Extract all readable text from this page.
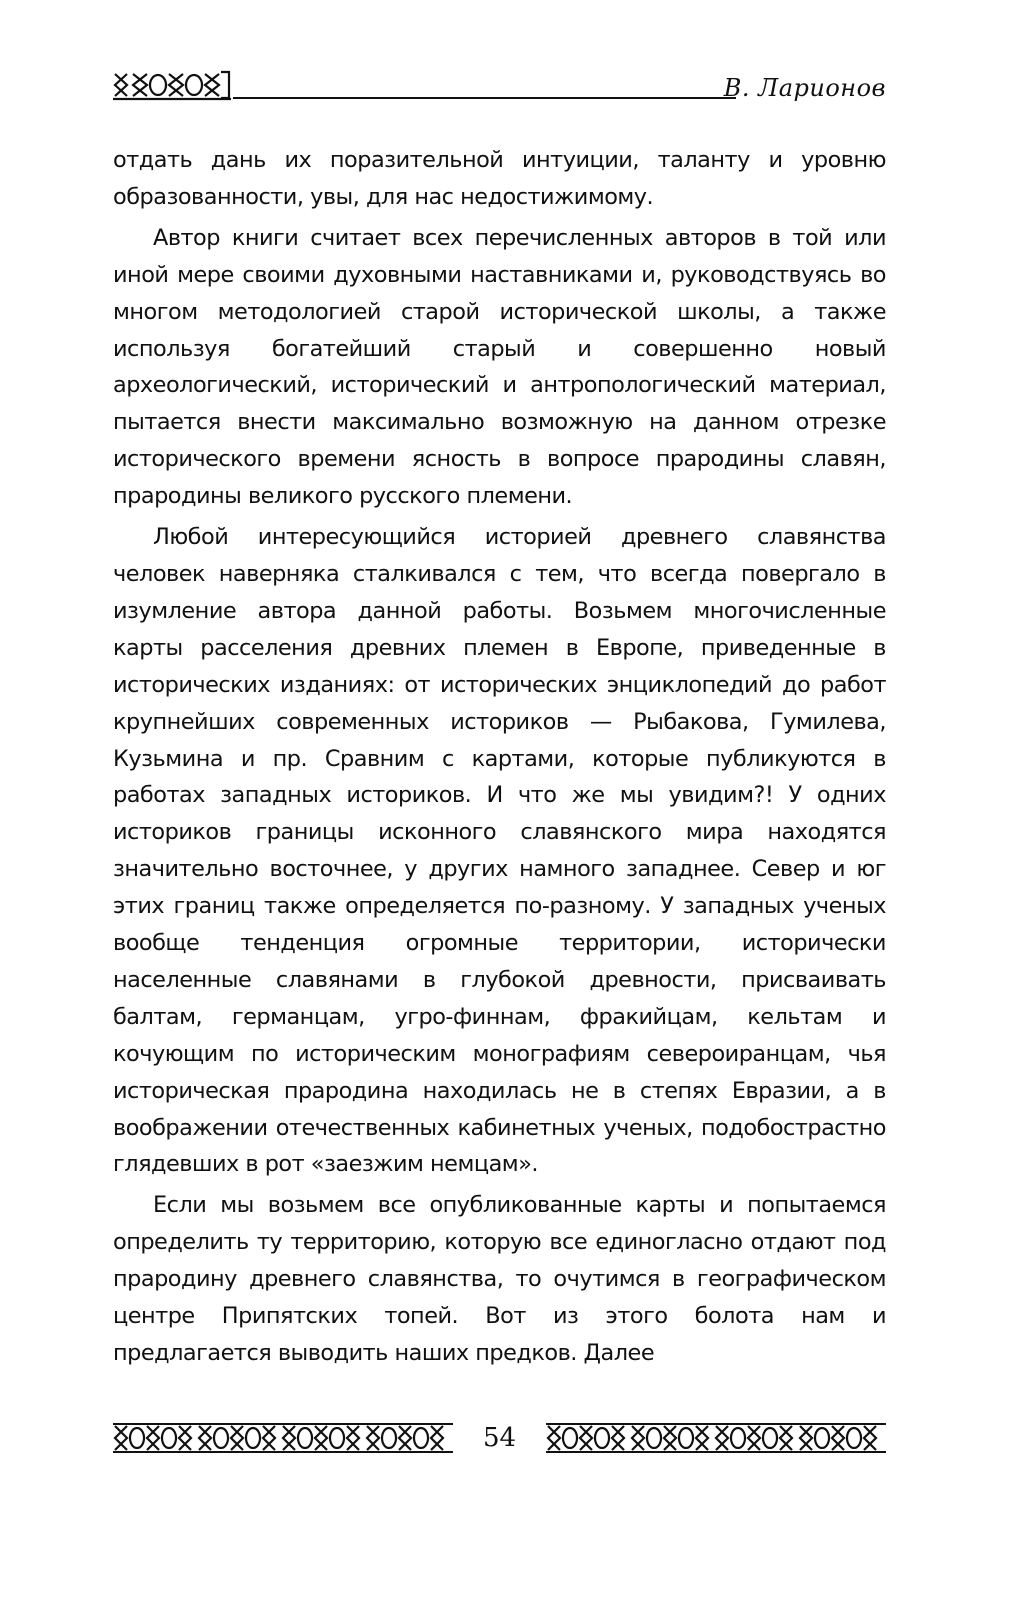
В. Ларионов

отдать дань их поразительной интуиции, таланту и уровню образованности, увы, для нас недостижимому.

Автор книги считает всех перечисленных авторов в той или иной мере своими духовными наставниками и, руководствуясь во многом методологией старой исторической школы, а также используя богатейший старый и совершенно новый археологический, исторический и антропологический материал, пытается внести максимально возможную на данном отрезке исторического времени ясность в вопросе прародины славян, прародины великого русского племени.

Любой интересующийся историей древнего славянства человек наверняка сталкивался с тем, что всегда повергало в изумление автора данной работы. Возьмем многочисленные карты расселения древних племен в Европе, приведенные в исторических изданиях: от исторических энциклопедий до работ крупнейших современных историков — Рыбакова, Гумилева, Кузьмина и пр. Сравним с картами, которые публикуются в работах западных историков. И что же мы увидим?! У одних историков границы исконного славянского мира находятся значительно восточнее, у других намного западнее. Север и юг этих границ также определяется по-разному. У западных ученых вообще тенденция огромные территории, исторически населенные славянами в глубокой древности, присваивать балтам, германцам, угро-финнам, фракийцам, кельтам и кочующим по историческим монографиям североиранцам, чья историческая прародина находилась не в степях Евразии, а в воображении отечественных кабинетных ученых, подобострастно глядевших в рот «заезжим немцам».

Если мы возьмем все опубликованные карты и попытаемся определить ту территорию, которую все единогласно отдают под прародину древнего славянства, то очутимся в географическом центре Припятских топей. Вот из этого болота нам и предлагается выводить наших предков. Далее

54
